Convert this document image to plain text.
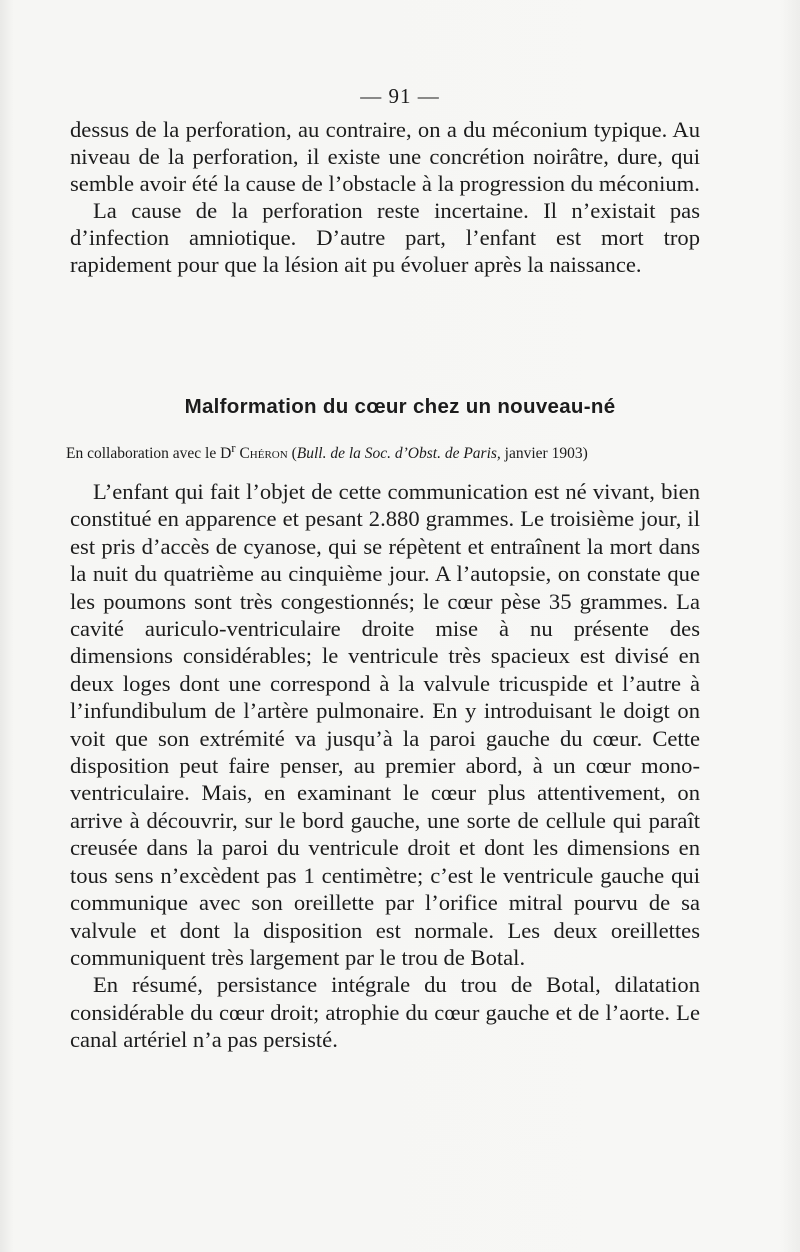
— 91 —

dessus de la perforation, au contraire, on a du méconium typique. Au niveau de la perforation, il existe une concrétion noirâtre, dure, qui semble avoir été la cause de l’obstacle à la progression du méconium.

La cause de la perforation reste incertaine. Il n’existait pas d’infection amniotique. D’autre part, l’enfant est mort trop rapidement pour que la lésion ait pu évoluer après la naissance.

Malformation du cœur chez un nouveau-né
En collaboration avec le $D^r$ Chéron (Bull. de la Soc. d’Obst. de Paris, janvier 1903)

L’enfant qui fait l’objet de cette communication est né vivant, bien constitué en apparence et pesant 2.880 grammes. Le troisième jour, il est pris d’accès de cyanose, qui se répètent et entraînent la mort dans la nuit du quatrième au cinquième jour. A l’autopsie, on constate que les poumons sont très congestionnés; le cœur pèse 35 grammes. La cavité auriculo-ventriculaire droite mise à nu présente des dimensions considérables; le ventricule très spacieux est divisé en deux loges dont une correspond à la valvule tricuspide et l’autre à l’infundibulum de l’artère pulmonaire. En y introduisant le doigt on voit que son extrémité va jusqu’à la paroi gauche du cœur. Cette disposition peut faire penser, au premier abord, à un cœur mono-ventriculaire. Mais, en examinant le cœur plus attentivement, on arrive à découvrir, sur le bord gauche, une sorte de cellule qui paraît creusée dans la paroi du ventricule droit et dont les dimensions en tous sens n’excèdent pas 1 centimètre; c’est le ventricule gauche qui communique avec son oreillette par l’orifice mitral pourvu de sa valvule et dont la disposition est normale. Les deux oreillettes communiquent très largement par le trou de Botal.

En résumé, persistance intégrale du trou de Botal, dilatation considérable du cœur droit; atrophie du cœur gauche et de l’aorte. Le canal artériel n’a pas persisté.
